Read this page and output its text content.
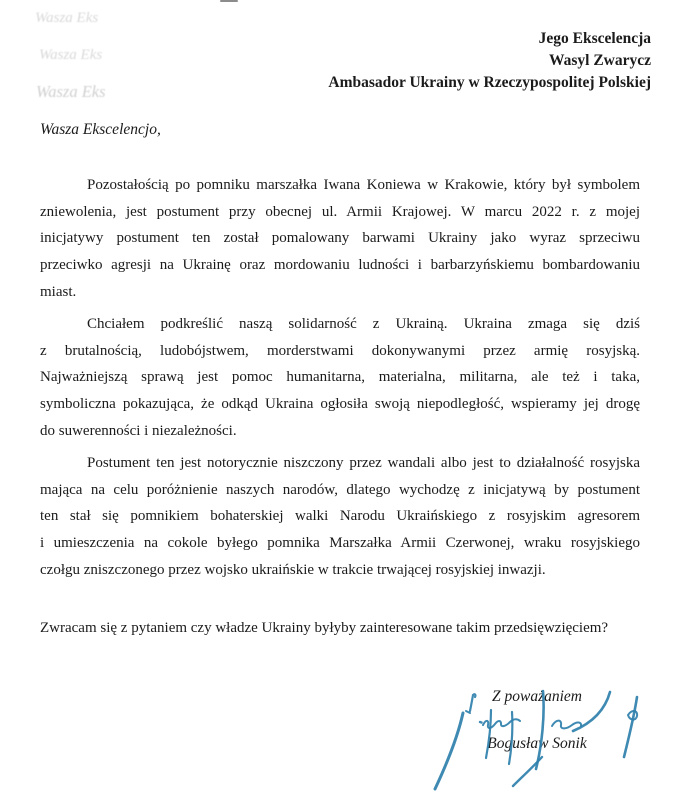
Wasza Eks
Wasza Eks
Wasza Eks
Jego Ekscelencja
Wasyl Zwarycz
Ambasador Ukrainy w Rzeczypospolitej Polskiej
Wasza Ekscelencjo,
Pozostałością po pomniku marszałka Iwana Koniewa w Krakowie, który był symbolem
zniewolenia, jest postument przy obecnej ul. Armii Krajowej. W marcu 2022 r. z mojej
inicjatywy postument ten został pomalowany barwami Ukrainy jako wyraz sprzeciwu
przeciwko agresji na Ukrainę oraz mordowaniu ludności i barbarzyńskiemu bombardowaniu
miast.
Chciałem podkreślić naszą solidarność z Ukrainą. Ukraina zmaga się dziś
z brutalnością, ludobójstwem, morderstwami dokonywanymi przez armię rosyjską.
Najważniejszą sprawą jest pomoc humanitarna, materialna, militarna, ale też i taka,
symboliczna pokazująca, że odkąd Ukraina ogłosiła swoją niepodległość, wspieramy jej drogę
do suwerenności i niezależności.
Postument ten jest notorycznie niszczony przez wandali albo jest to działalność rosyjska
mająca na celu poróżnienie naszych narodów, dlatego wychodzę z inicjatywą by postument
ten stał się pomnikiem bohaterskiej walki Narodu Ukraińskiego z rosyjskim agresorem
i umieszczenia na cokole byłego pomnika Marszałka Armii Czerwonej, wraku rosyjskiego
czołgu zniszczonego przez wojsko ukraińskie w trakcie trwającej rosyjskiej inwazji.
Zwracam się z pytaniem czy władze Ukrainy byłyby zainteresowane takim przedsięwzięciem?
Z poważaniem
Bogusław Sonik
